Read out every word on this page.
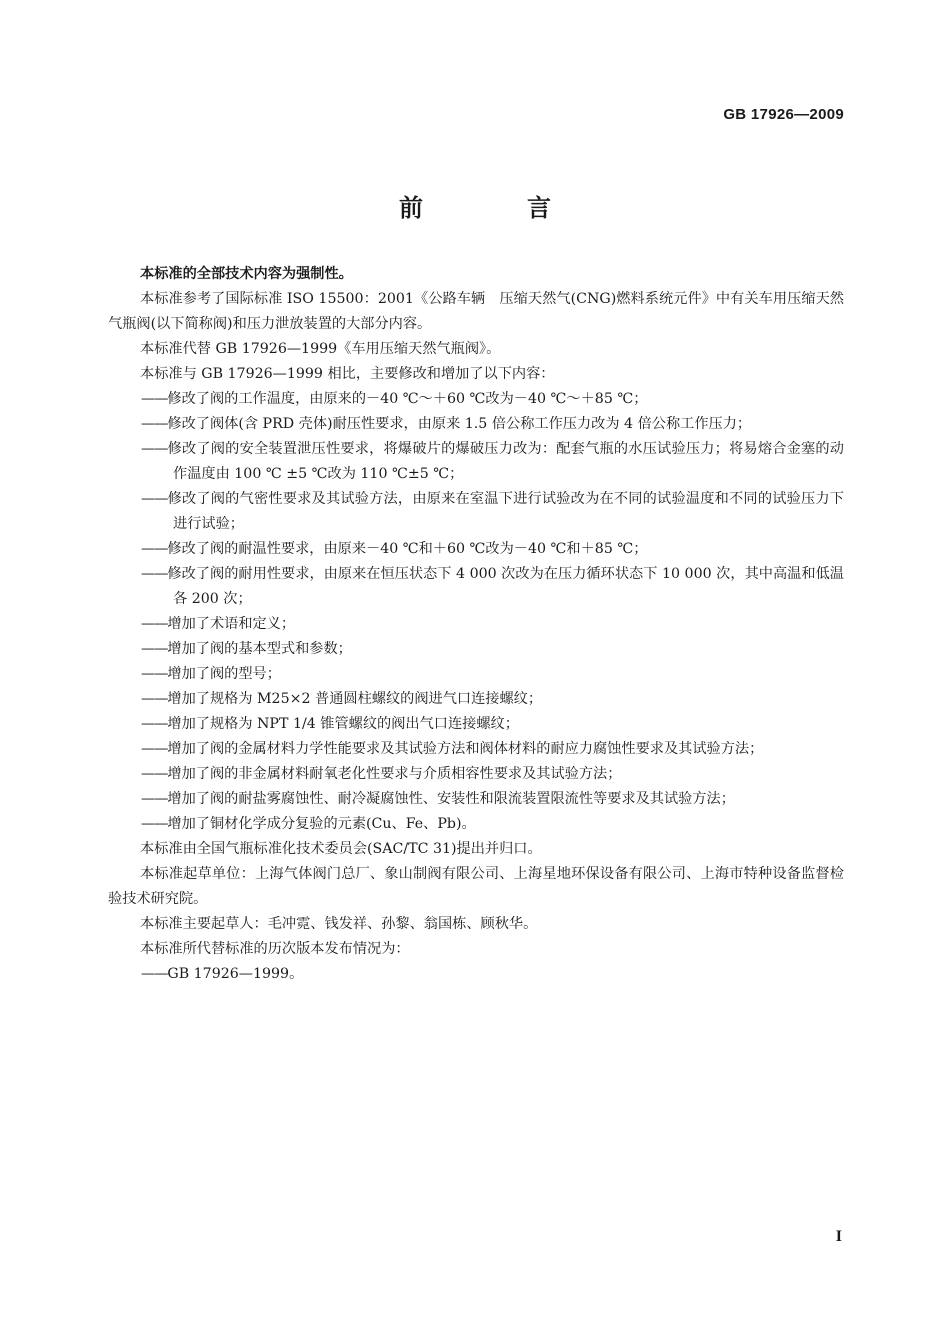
GB 17926—2009
前　言

本标准的全部技术内容为强制性。

本标准参考了国际标准 ISO 15500：2001《公路车辆　压缩天然气(CNG)燃料系统元件》中有关车用压缩天然气瓶阀(以下简称阀)和压力泄放装置的大部分内容。

本标准代替 GB 17926—1999《车用压缩天然气瓶阀》。

本标准与 GB 17926—1999 相比，主要修改和增加了以下内容：

——修改了阀的工作温度，由原来的－40 ℃～＋60 ℃改为－40 ℃～＋85 ℃；

——修改了阀体(含 PRD 壳体)耐压性要求，由原来 1.5 倍公称工作压力改为 4 倍公称工作压力；

——修改了阀的安全装置泄压性要求，将爆破片的爆破压力改为：配套气瓶的水压试验压力；将易熔合金塞的动作温度由 100 ℃ ±5 ℃改为 110 ℃±5 ℃；

——修改了阀的气密性要求及其试验方法，由原来在室温下进行试验改为在不同的试验温度和不同的试验压力下进行试验；

——修改了阀的耐温性要求，由原来－40 ℃和＋60 ℃改为－40 ℃和＋85 ℃；

——修改了阀的耐用性要求，由原来在恒压状态下 4 000 次改为在压力循环状态下 10 000 次，其中高温和低温各 200 次；

——增加了术语和定义；

——增加了阀的基本型式和参数；

——增加了阀的型号；

——增加了规格为 M25×2 普通圆柱螺纹的阀进气口连接螺纹；

——增加了规格为 NPT 1/4 锥管螺纹的阀出气口连接螺纹；

——增加了阀的金属材料力学性能要求及其试验方法和阀体材料的耐应力腐蚀性要求及其试验方法；

——增加了阀的非金属材料耐氧老化性要求与介质相容性要求及其试验方法；

——增加了阀的耐盐雾腐蚀性、耐冷凝腐蚀性、安装性和限流装置限流性等要求及其试验方法；

——增加了铜材化学成分复验的元素(Cu、Fe、Pb)。

本标准由全国气瓶标准化技术委员会(SAC/TC 31)提出并归口。

本标准起草单位：上海气体阀门总厂、象山制阀有限公司、上海星地环保设备有限公司、上海市特种设备监督检验技术研究院。

本标准主要起草人：毛冲霓、钱发祥、孙黎、翁国栋、顾秋华。

本标准所代替标准的历次版本发布情况为：

——GB 17926—1999。

I
